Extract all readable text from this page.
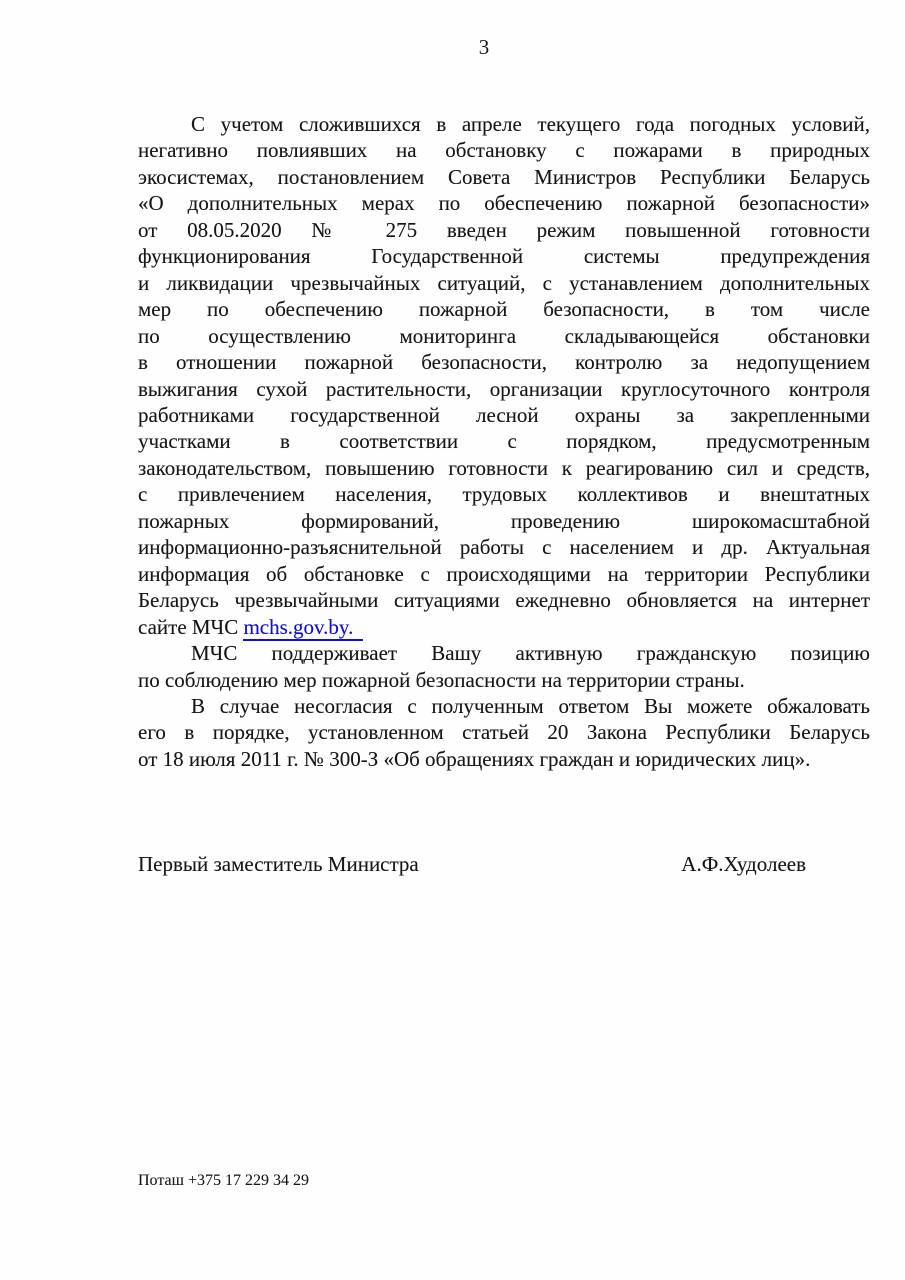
3
С учетом сложившихся в апреле текущего года погодных условий,
негативно повлиявших на обстановку с пожарами в природных
экосистемах, постановлением Совета Министров Республики Беларусь
«О дополнительных мерах по обеспечению пожарной безопасности»
от 08.05.2020 № 275 введен режим повышенной готовности
функционирования Государственной системы предупреждения
и ликвидации чрезвычайных ситуаций, с устанавлением дополнительных
мер по обеспечению пожарной безопасности, в том числе
по осуществлению мониторинга складывающейся обстановки
в отношении пожарной безопасности, контролю за недопущением
выжигания сухой растительности, организации круглосуточного контроля
работниками государственной лесной охраны за закрепленными
участками в соответствии с порядком, предусмотренным
законодательством, повышению готовности к реагированию сил и средств,
с привлечением населения, трудовых коллективов и внештатных
пожарных формирований, проведению широкомасштабной
информационно-разъяснительной работы с населением и др. Актуальная
информация об обстановке с происходящими на территории Республики
Беларусь чрезвычайными ситуациями ежедневно обновляется на интернет
сайте МЧС mchs.gov.by.
МЧС поддерживает Вашу активную гражданскую позицию
по соблюдению мер пожарной безопасности на территории страны.
В случае несогласия с полученным ответом Вы можете обжаловать
его в порядке, установленном статьей 20 Закона Республики Беларусь
от 18 июля 2011 г. № 300-З «Об обращениях граждан и юридических лиц».
Первый заместитель Министра	А.Ф.Худолеев
Поташ +375 17 229 34 29
